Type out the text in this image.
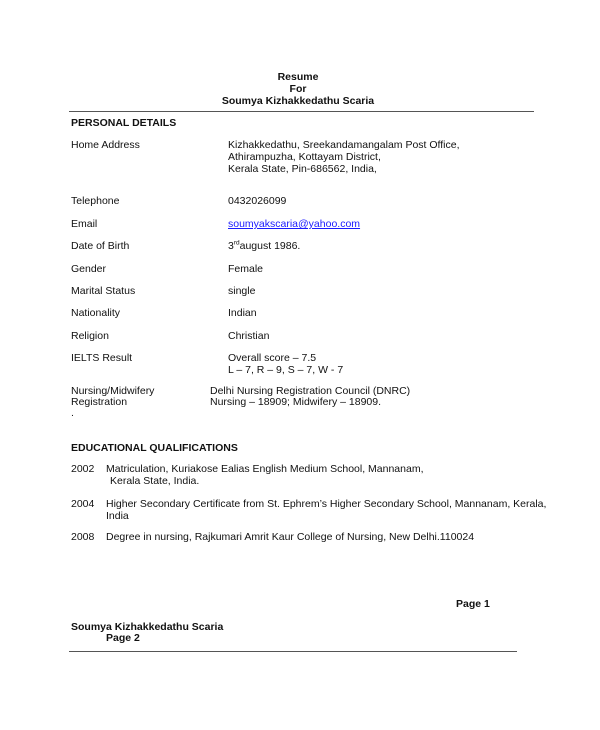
Resume
For
Soumya Kizhakkedathu Scaria
PERSONAL DETAILS
Home Address	Kizhakkedathu, Sreekandamangalam Post Office,
Athirampuzha, Kottayam District,
Kerala State, Pin-686562, India,
Telephone	0432026099
Email	soumyakscaria@yahoo.com
Date of Birth	3rdaugust 1986.
Gender	Female
Marital Status	single
Nationality	Indian
Religion	Christian
IELTS Result	Overall score – 7.5
L – 7, R – 9, S – 7, W - 7
Nursing/Midwifery
Registration
.
Delhi Nursing Registration Council (DNRC)
Nursing – 18909; Midwifery – 18909.
EDUCATIONAL QUALIFICATIONS
2002 Matriculation, Kuriakose Ealias English Medium School, Mannanam,
Kerala State, India.
2004 Higher Secondary Certificate from St. Ephrem’s Higher Secondary School, Mannanam, Kerala,
India
2008 Degree in nursing, Rajkumari Amrit Kaur College of Nursing, New Delhi.110024
Page 1
Soumya Kizhakkedathu Scaria
Page 2
